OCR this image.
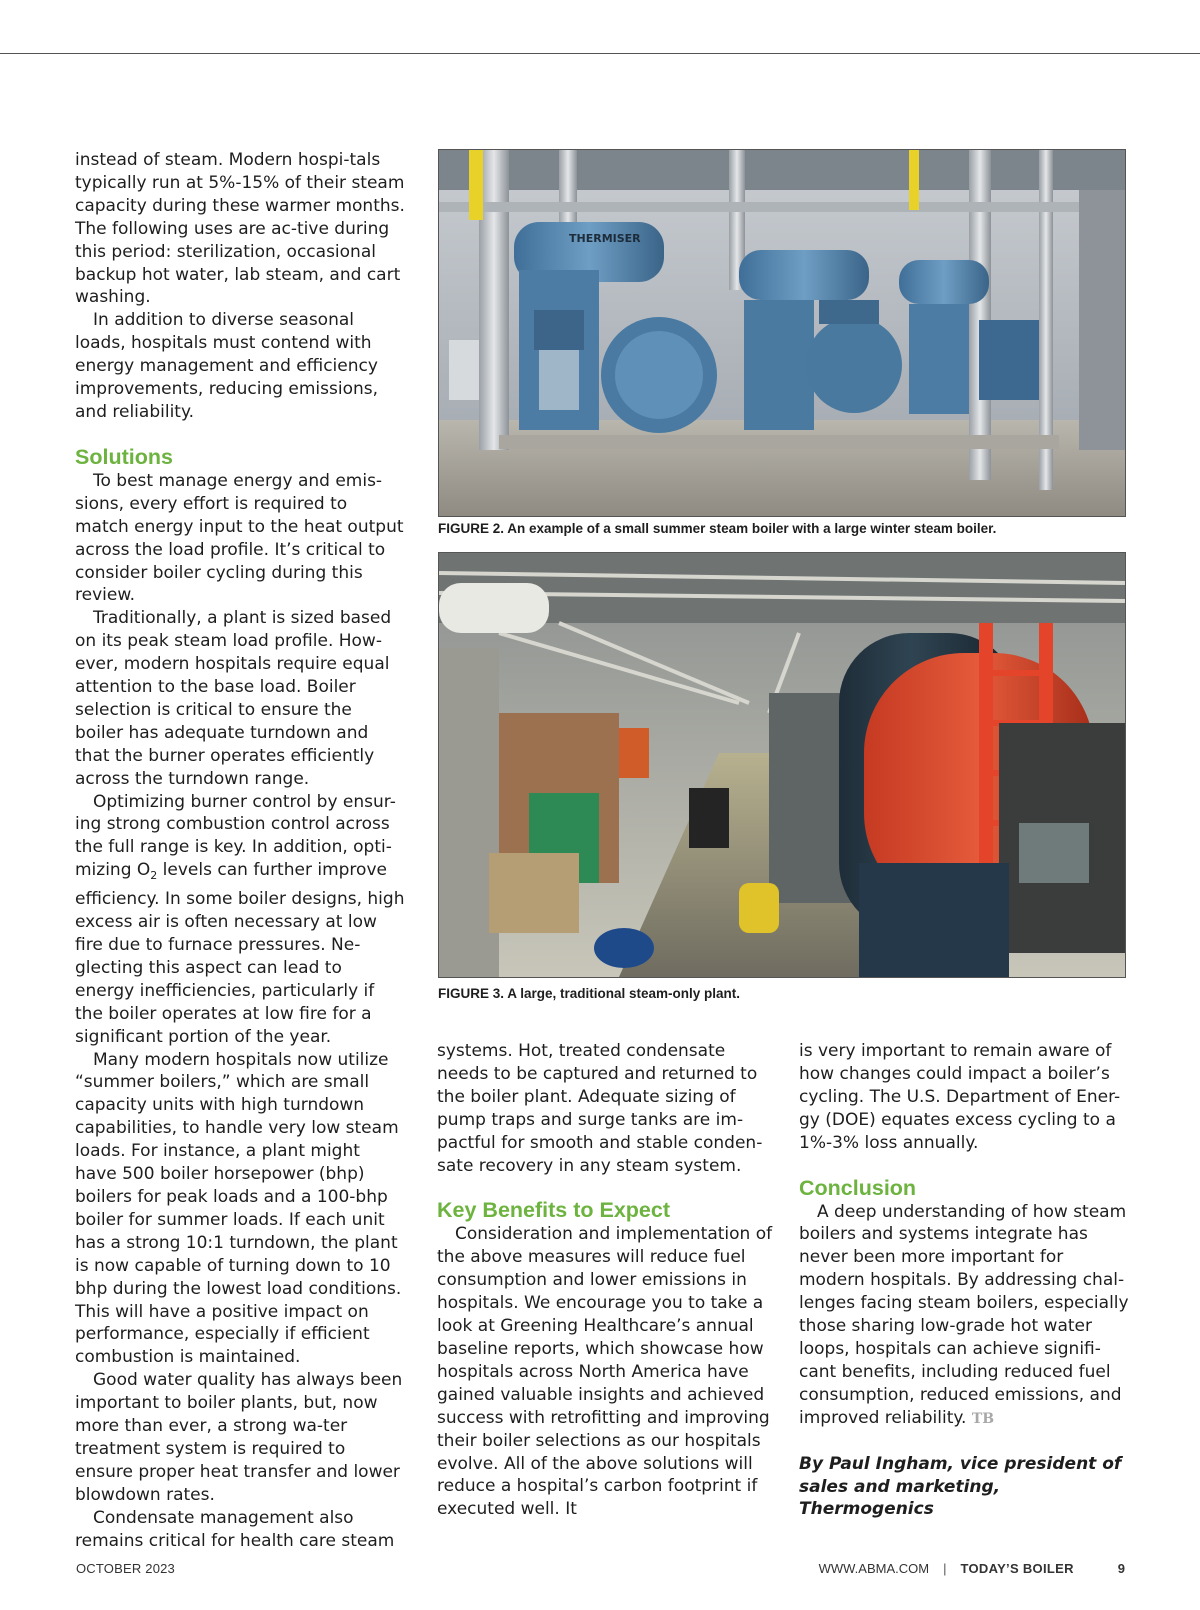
instead of steam. Modern hospi-tals typically run at 5%-15% of their steam capacity during these warmer months. The following uses are ac-tive during this period: sterilization, occasional backup hot water, lab steam, and cart washing.

In addition to diverse seasonal loads, hospitals must contend with energy management and efficiency improvements, reducing emissions, and reliability.

Solutions

To best manage energy and emis-sions, every effort is required to match energy input to the heat output across the load profile. It’s critical to consider boiler cycling during this review.

Traditionally, a plant is sized based on its peak steam load profile. How-ever, modern hospitals require equal attention to the base load. Boiler selection is critical to ensure the boiler has adequate turndown and that the burner operates efficiently across the turndown range.

Optimizing burner control by ensur-ing strong combustion control across the full range is key. In addition, opti-mizing $O_2$ levels can further improve efficiency. In some boiler designs, high excess air is often necessary at low fire due to furnace pressures. Ne-glecting this aspect can lead to energy inefficiencies, particularly if the boiler operates at low fire for a significant portion of the year.

Many modern hospitals now utilize “summer boilers,” which are small capacity units with high turndown capabilities, to handle very low steam loads. For instance, a plant might have 500 boiler horsepower (bhp) boilers for peak loads and a 100-bhp boiler for summer loads. If each unit has a strong 10:1 turndown, the plant is now capable of turning down to 10 bhp during the lowest load conditions. This will have a positive impact on performance, especially if efficient combustion is maintained.

Good water quality has always been important to boiler plants, but, now more than ever, a strong wa-ter treatment system is required to ensure proper heat transfer and lower blowdown rates.

Condensate management also remains critical for health care steam

THERMISER
FIGURE 2. An example of a small summer steam boiler with a large winter steam boiler.
FIGURE 3. A large, traditional steam-only plant.

systems. Hot, treated condensate needs to be captured and returned to the boiler plant. Adequate sizing of pump traps and surge tanks are im-pactful for smooth and stable conden-sate recovery in any steam system.

Key Benefits to Expect

Consideration and implementation of the above measures will reduce fuel consumption and lower emissions in hospitals. We encourage you to take a look at Greening Healthcare’s annual baseline reports, which showcase how hospitals across North America have gained valuable insights and achieved success with retrofitting and improving their boiler selections as our hospitals evolve. All of the above solutions will reduce a hospital’s carbon footprint if executed well. It

is very important to remain aware of how changes could impact a boiler’s cycling. The U.S. Department of Ener-gy (DOE) equates excess cycling to a 1%-3% loss annually.

Conclusion

A deep understanding of how steam boilers and systems integrate has never been more important for modern hospitals. By addressing chal-lenges facing steam boilers, especially those sharing low-grade hot water loops, hospitals can achieve signifi-cant benefits, including reduced fuel consumption, reduced emissions, and improved reliability. TB

By Paul Ingham, vice president of sales and marketing, Thermogenics

OCTOBER 2023	WWW.ABMA.COM | TODAY’S BOILER	9
